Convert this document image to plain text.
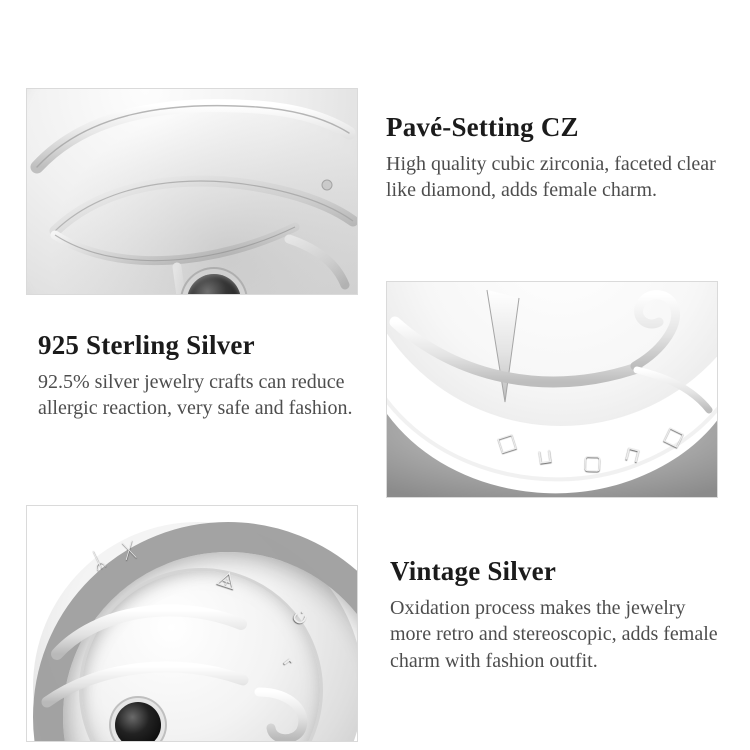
Pavé-Setting CZ

High quality cubic zirconia, faceted clear like diamond, adds female charm.

925 Sterling Silver

92.5% silver jewelry crafts can reduce allergic reaction, very safe and fashion.

□ ⊔ ▢ ⊓
□
ᛦ ᚷ
⨹
⸢
ن
Vintage Silver

Oxidation process makes the jewelry more retro and stereoscopic, adds female charm with fashion outfit.
